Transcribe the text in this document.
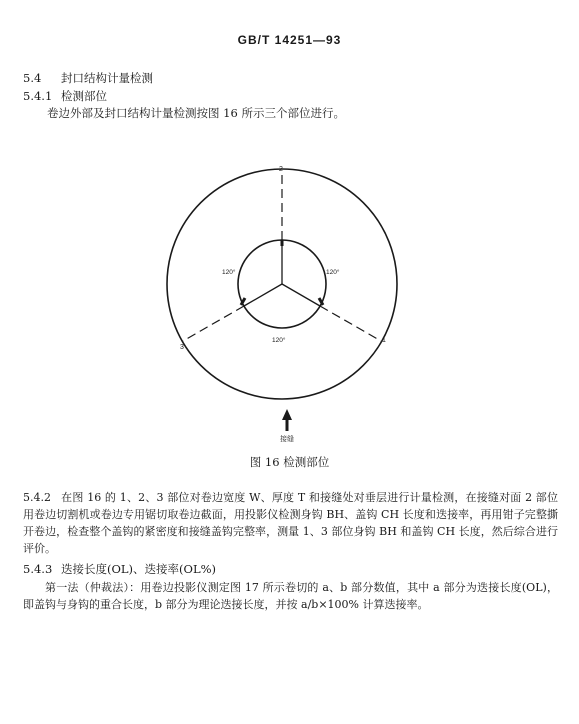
GB/T 14251—93
5.4 封口结构计量检测
5.4.1 检测部位
卷边外部及封口结构计量检测按图 16 所示三个部位进行。
2
3
1
120°	120°
120°
接缝
图 16 检测部位
5.4.2 在图 16 的 1、2、3 部位对卷边宽度 W、厚度 T 和接缝处对垂层进行计量检测，在接缝对面 2 部位用卷边切割机或卷边专用锯切取卷边截面，用投影仪检测身钩 BH、盖钩 CH 长度和迭接率，再用钳子完整撕开卷边，检查整个盖钩的紧密度和接缝盖钩完整率，测量 1、3 部位身钩 BH 和盖钩 CH 长度，然后综合进行评价。
5.4.3 迭接长度(OL)、迭接率(OL%)
第一法（仲裁法）：用卷边投影仪测定图 17 所示卷切的 a、b 部分数值，其中 a 部分为迭接长度(OL)，即盖钩与身钩的重合长度，b 部分为理论迭接长度，并按 a/b×100% 计算迭接率。
